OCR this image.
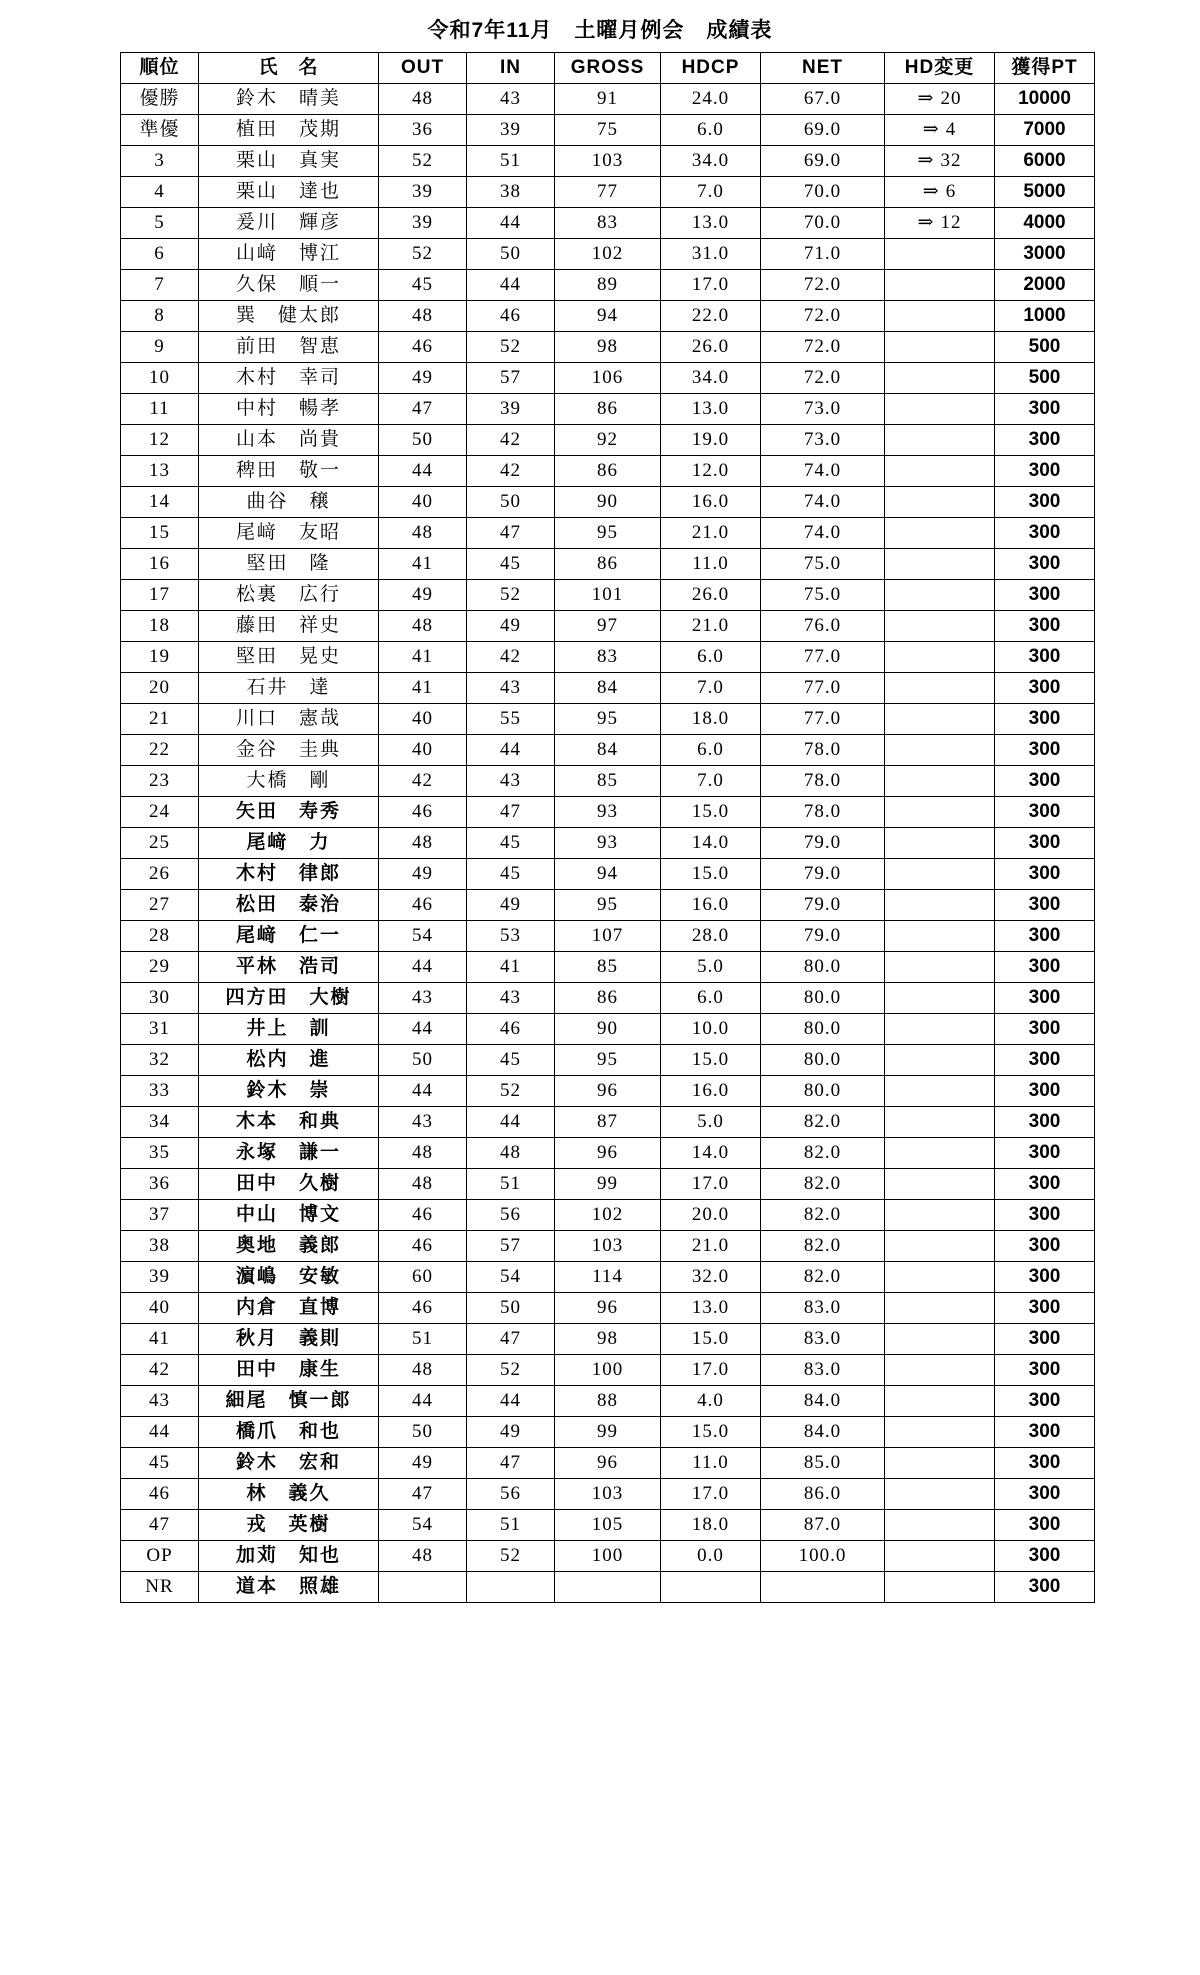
令和7年11月　土曜月例会　成績表
順位	氏　名	OUT	IN	GROSS	HDCP	NET	HD変更	獲得PT
優勝	鈴木　晴美	48	43	91	24.0	67.0	⇒ 20	10000
準優	植田　茂期	36	39	75	6.0	69.0	⇒ 4	7000
3	栗山　真実	52	51	103	34.0	69.0	⇒ 32	6000
4	栗山　達也	39	38	77	7.0	70.0	⇒ 6	5000
5	爰川　輝彦	39	44	83	13.0	70.0	⇒ 12	4000
6	山﨑　博江	52	50	102	31.0	71.0		3000
7	久保　順一	45	44	89	17.0	72.0		2000
8	巽　健太郎	48	46	94	22.0	72.0		1000
9	前田　智恵	46	52	98	26.0	72.0		500
10	木村　幸司	49	57	106	34.0	72.0		500
11	中村　暢孝	47	39	86	13.0	73.0		300
12	山本　尚貴	50	42	92	19.0	73.0		300
13	稗田　敬一	44	42	86	12.0	74.0		300
14	曲谷　穣	40	50	90	16.0	74.0		300
15	尾﨑　友昭	48	47	95	21.0	74.0		300
16	堅田　隆	41	45	86	11.0	75.0		300
17	松裏　広行	49	52	101	26.0	75.0		300
18	藤田　祥史	48	49	97	21.0	76.0		300
19	堅田　晃史	41	42	83	6.0	77.0		300
20	石井　達	41	43	84	7.0	77.0		300
21	川口　憲哉	40	55	95	18.0	77.0		300
22	金谷　圭典	40	44	84	6.0	78.0		300
23	大橋　剛	42	43	85	7.0	78.0		300
24	矢田　寿秀	46	47	93	15.0	78.0		300
25	尾﨑　力	48	45	93	14.0	79.0		300
26	木村　律郎	49	45	94	15.0	79.0		300
27	松田　泰治	46	49	95	16.0	79.0		300
28	尾﨑　仁一	54	53	107	28.0	79.0		300
29	平林　浩司	44	41	85	5.0	80.0		300
30	四方田　大樹	43	43	86	6.0	80.0		300
31	井上　訓	44	46	90	10.0	80.0		300
32	松内　進	50	45	95	15.0	80.0		300
33	鈴木　崇	44	52	96	16.0	80.0		300
34	木本　和典	43	44	87	5.0	82.0		300
35	永塚　謙一	48	48	96	14.0	82.0		300
36	田中　久樹	48	51	99	17.0	82.0		300
37	中山　博文	46	56	102	20.0	82.0		300
38	奥地　義郎	46	57	103	21.0	82.0		300
39	濵嶋　安敏	60	54	114	32.0	82.0		300
40	内倉　直博	46	50	96	13.0	83.0		300
41	秋月　義則	51	47	98	15.0	83.0		300
42	田中　康生	48	52	100	17.0	83.0		300
43	細尾　慎一郎	44	44	88	4.0	84.0		300
44	橋爪　和也	50	49	99	15.0	84.0		300
45	鈴木　宏和	49	47	96	11.0	85.0		300
46	林　義久	47	56	103	17.0	86.0		300
47	戎　英樹	54	51	105	18.0	87.0		300
OP	加苅　知也	48	52	100	0.0	100.0		300
NR	道本　照雄							300
